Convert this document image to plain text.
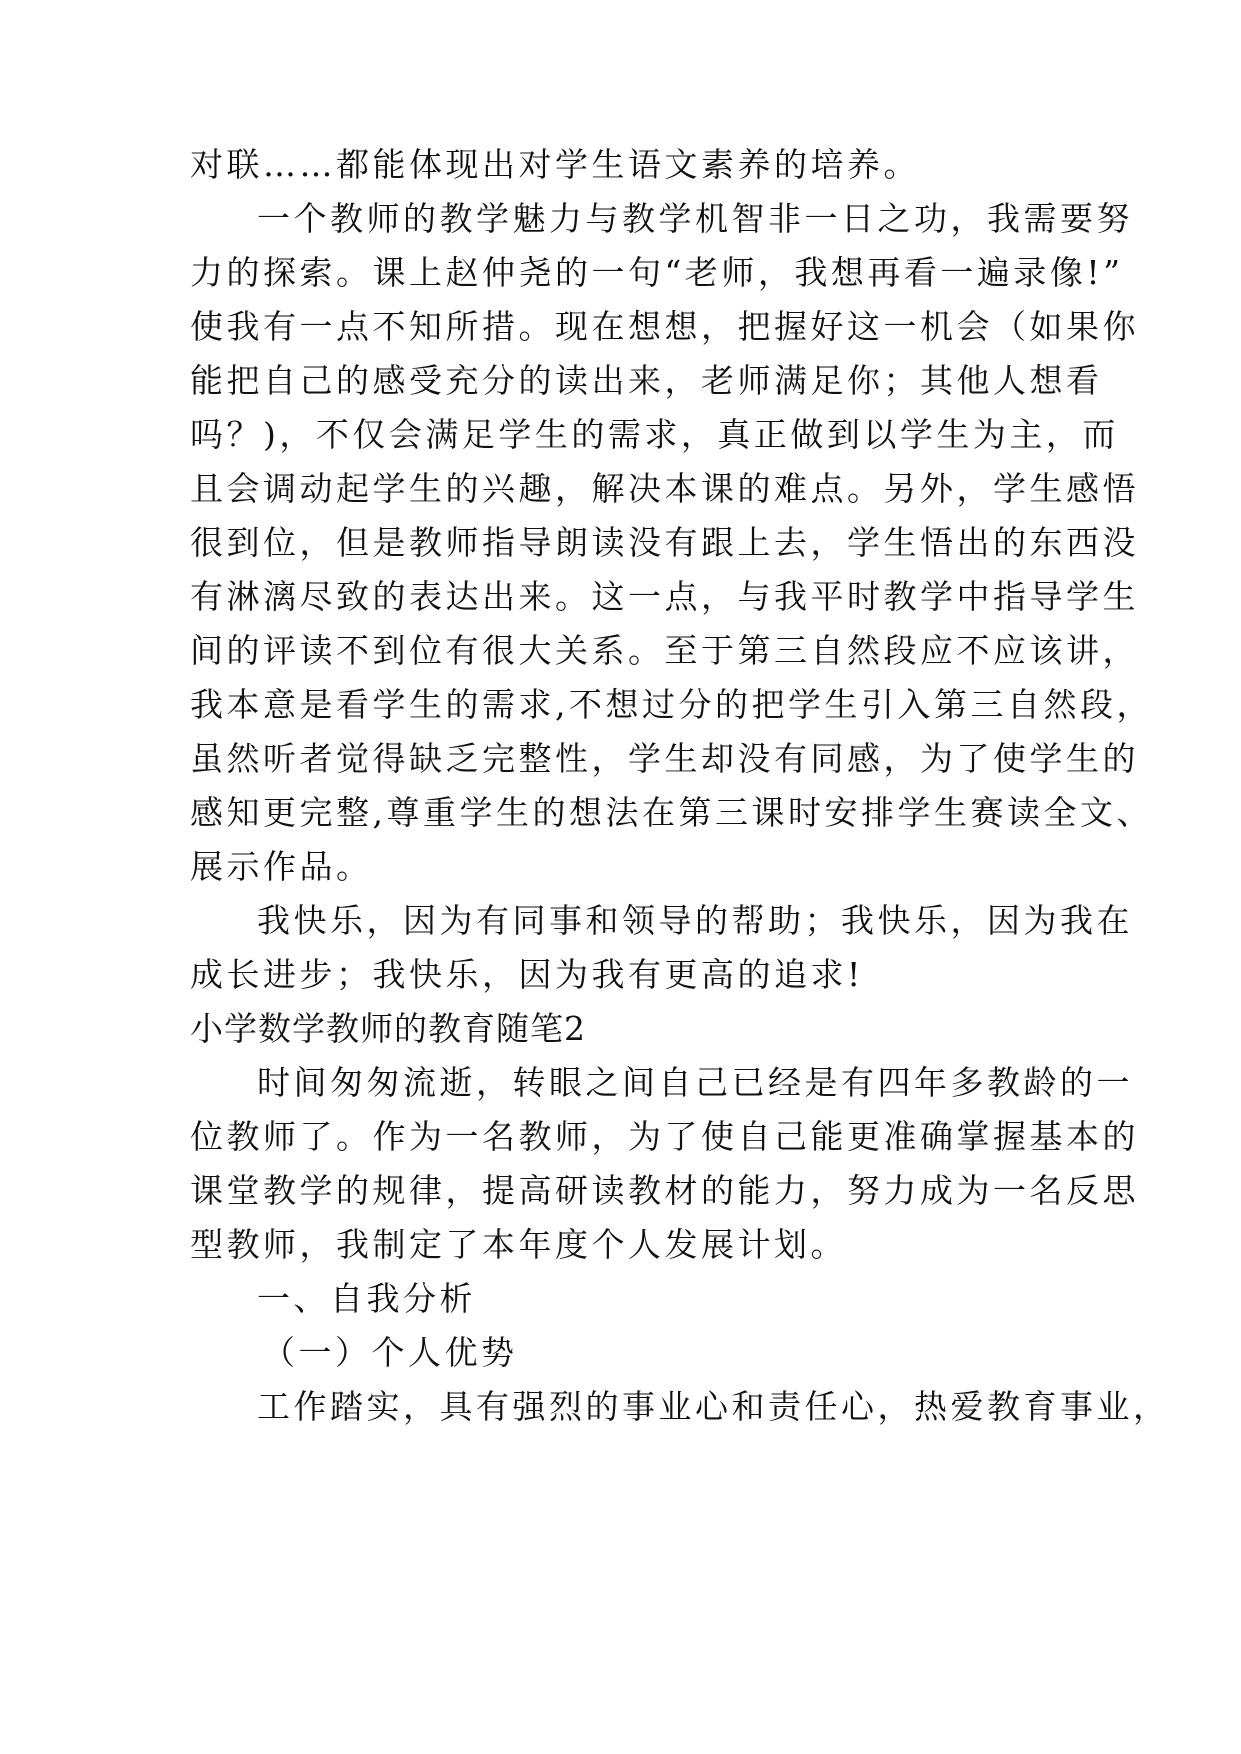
对联……都能体现出对学生语文素养的培养。
一个教师的教学魅力与教学机智非一日之功，我需要努
力的探索。课上赵仲尧的一句“老师，我想再看一遍录像!”
使我有一点不知所措。现在想想，把握好这一机会（如果你
能把自己的感受充分的读出来，老师满足你；其他人想看
吗？)，不仅会满足学生的需求，真正做到以学生为主，而
且会调动起学生的兴趣，解决本课的难点。另外，学生感悟
很到位，但是教师指导朗读没有跟上去，学生悟出的东西没
有淋漓尽致的表达出来。这一点，与我平时教学中指导学生
间的评读不到位有很大关系。至于第三自然段应不应该讲，
我本意是看学生的需求,不想过分的把学生引入第三自然段，
虽然听者觉得缺乏完整性，学生却没有同感，为了使学生的
感知更完整,尊重学生的想法在第三课时安排学生赛读全文、
展示作品。
我快乐，因为有同事和领导的帮助；我快乐，因为我在
成长进步；我快乐，因为我有更高的追求!
小学数学教师的教育随笔2
时间匆匆流逝，转眼之间自己已经是有四年多教龄的一
位教师了。作为一名教师，为了使自己能更准确掌握基本的
课堂教学的规律，提高研读教材的能力，努力成为一名反思
型教师，我制定了本年度个人发展计划。
一、自我分析
（一）个人优势
工作踏实，具有强烈的事业心和责任心，热爱教育事业，
